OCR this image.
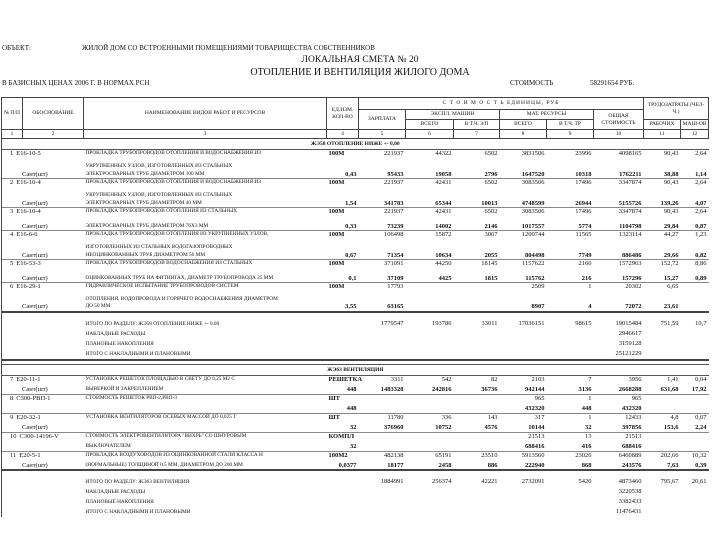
ОБЪЕКТ:	ЖИЛОЙ ДОМ СО ВСТРОЕННЫМИ ПОМЕЩЕНИЯМИ ТОВАРИЩЕСТВА СОБСТВЕННИКОВ
ЛОКАЛЬНАЯ СМЕТА № 20
ОТОПЛЕНИЕ И ВЕНТИЛЯЦИЯ ЖИЛОГО ДОМА
В БАЗИСНЫХ ЦЕНАХ 2006 Г. В НОРМАХ РСН	СТОИМОСТЬ	58291654 РУБ.
№ П/П	ОБОСНОВАНИЕ	НАИМЕНОВАНИЕ ВИДОВ РАБОТ И РЕСУРСОВ	ЕД.ИЗМ. КОЛ-ВО	С Т О И М О С Т Ь ЕДИНИЦЫ, РУБ						ТРУДОЗАТРАТЫ (ЧЕЛ-Ч.)	
				ЗАРПЛАТА	ЭКСПЛ. МАШИН		МАТ. РЕСУРСЫ		ОБЩАЯ СТОИМОСТЬ		
					ВСЕГО	В Т.Ч. З/П	ВСЕГО	В Т.Ч. ТР		РАБОЧИХ	МАШ-ОВ
1	2	3	4	5	6	7	8	9	10	11	12
ЖЭ58 ОТОПЛЕНИЕ НИЖЕ +- 0,00											
1 Е16-10-5		ПРОКЛАДКА ТРУБОПРОВОДОВ ОТОПЛЕНИЯ И ВОДОСНАБЖЕНИЯ ИЗ	100М	221937	44322	6502	3831506	23996	4098165	90,43	2,64
Сант(шт)		УКРУПНЕННЫХ УЗЛОВ, ИЗГОТОВЛЕННЫХ ИЗ СТАЛЬНЫХ
ЭЛЕКТРОСВАРНЫХ ТРУБ ДИАМЕТРОМ 100 ММ	0,43	95433	19058	2796	1647520	10318	1762211	38,88	1,14
2 Е16-10-4		ПРОКЛАДКА ТРУБОПРОВОДОВ ОТОПЛЕНИЯ И ВОДОСНАБЖЕНИЯ ИЗ	100М	221937	42431	6502	3083506	17496	3347874	90,43	2,64
Сант(шт)		УКРУПНЕННЫХ УЗЛОВ, ИЗГОТОВЛЕННЫХ ИЗ СТАЛЬНЫХ
ЭЛЕКТРОСВАРНЫХ ТРУБ ДИАМЕТРОМ 40 ММ	1,54	341783	65344	10013	4748599	26944	5155726	139,26	4,07
3 Е16-10-4		ПРОКЛАДКА ТРУБОПРОВОДОВ ОТОПЛЕНИЯ ИЗ СТАЛЬНЫХ	100М	221937	42431	6502	3083506	17496	3347874	90,43	2,64
Сант(шт)		ЭЛЕКТРОСВАРНЫХ ТРУБ ДИАМЕТРОМ 76Х3 ММ	0,33	73239	14002	2146	1017557	5774	1104798	29,84	0,87
4 Е16-6-6		ПРОКЛАДКА ТРУБОПРОВОДОВ ОТОПЛЕНИЯ ИЗ УКРУПНЕННЫХ УЗЛОВ,	100М	106498	15872	3067	1200744	11565	1323114	44,27	1,23
Сант(шт)		ИЗГОТОВЛЕННЫХ ИЗ СТАЛЬНЫХ ВОДОГАЗОПРОВОДНЫХ
НЕОЦИНКОВАННЫХ ТРУБ ДИАМЕТРОМ 50 ММ	0,67	71354	10634	2055	804498	7749	886486	29,66	0,82
5 Е16-53-3		ПРОКЛАДКА ТРУБОПРОВОДОВ ВОДОСНАБЖЕНИЯ ИЗ СТАЛЬНЫХ	100М	371091	44250	18145	1157622	2160	1572963	152,72	8,86
Сант(шт)		ОЦИНКОВАННЫХ ТРУБ НА ФИТИНГАХ, ДИАМЕТР ТРУБОПРОВОДА 25 ММ	0,1	37109	4425	1815	115762	216	157296	15,27	0,89
6 Е16-29-1		ГИДРАВЛИЧЕСКОЕ ИСПЫТАНИЕ ТРУБОПРОВОДОВ СИСТЕМ	100М	17793			2509	1	20302	6,65	
Сант(шт)		ОТОПЛЕНИЯ, ВОДОПРОВОДА И ГОРЯЧЕГО ВОДОСНАБЖЕНИЯ ДИАМЕТРОМ
ДО 50 ММ	3,55	63165			8907	4	72072	23,61	
		ИТОГО ПО РАЗДЕЛУ: ЖЭ58 ОТОПЛЕНИЕ НИЖЕ +- 0.00		1779547	193786	33011	17036151	98615	19015484	751,59	10,7
		НАКЛАДНЫЕ РАСХОДЫ							2946617		
		ПЛАНОВЫЕ НАКОПЛЕНИЯ							3159128		
		ИТОГО С НАКЛАДНЫМИ И ПЛАНОВЫМИ							25121229		

ЖЭ63 ВЕНТИЛЯЦИЯ											
7 Е20-11-1		УСТАНОВКА РЕШЕТОК ПЛОЩАДЬЮ В СВЕТУ ДО 0,25 М2 С	РЕШЕТКА	3311	542	82	2103	7	3956	1,41	0,04
Сант(шт)		ВЫВЕРКОЙ И ЗАКРЕПЛЕНИЕМ	448	1483328	242816	36736	942144	3136	2668288	631,68	17,92
8 С300-РВП-1		СТОИМОСТЬ РЕШЕТОК РВП-2,РВП-3	ШТ				965	1	965		
			448				432320	448	432320		
9 Е20-32-1		УСТАНОВКА ВЕНТИЛЯТОРОВ ОСЕВЫХ МАССОЙ ДО 0,025 Т	ШТ	11780	336	143	317	1	12433	4,8	0,07
Сант(шт)			32	376960	10752	4576	10144	32	397856	153,6	2,24
10 С300-14196-V		СТОИМОСТЬ ЭЛЕКТРОВЕНТИЛЯТОРА "ВИХРЬ" СО ШНУРОВЫМ	КОМПЛ				21513	13	21513		

		ВЫКЛЮЧАТЕЛЕМ	32				688416	416	688416		
11 Е20-5-1		ПРОКЛАДКА ВОЗДУХОВОДОВ ИЗ ОЦИНКОВАННОЙ СТАЛИ КЛАССА Н	100М2	482138	65191	23510	5913560	23026	6460889	202,66	10,32
Сант(шт)		(НОРМАЛЬНЫЕ) ТОЛЩИНОЙ 0.5 ММ, ДИАМЕТРОМ ДО 200 ММ	0,0377	18177	2458	886	222940	868	243576	7,63	0,39
		ИТОГО ПО РАЗДЕЛУ: ЖЭ63 ВЕНТИЛЯЦИЯ		1884991	256374	42221	2732091	5420	4873460	795,67	20,61
		НАКЛАДНЫЕ РАСХОДЫ							3220538		
		ПЛАНОВЫЕ НАКОПЛЕНИЯ							3382433		
		ИТОГО С НАКЛАДНЫМИ И ПЛАНОВЫМИ							11476431		
